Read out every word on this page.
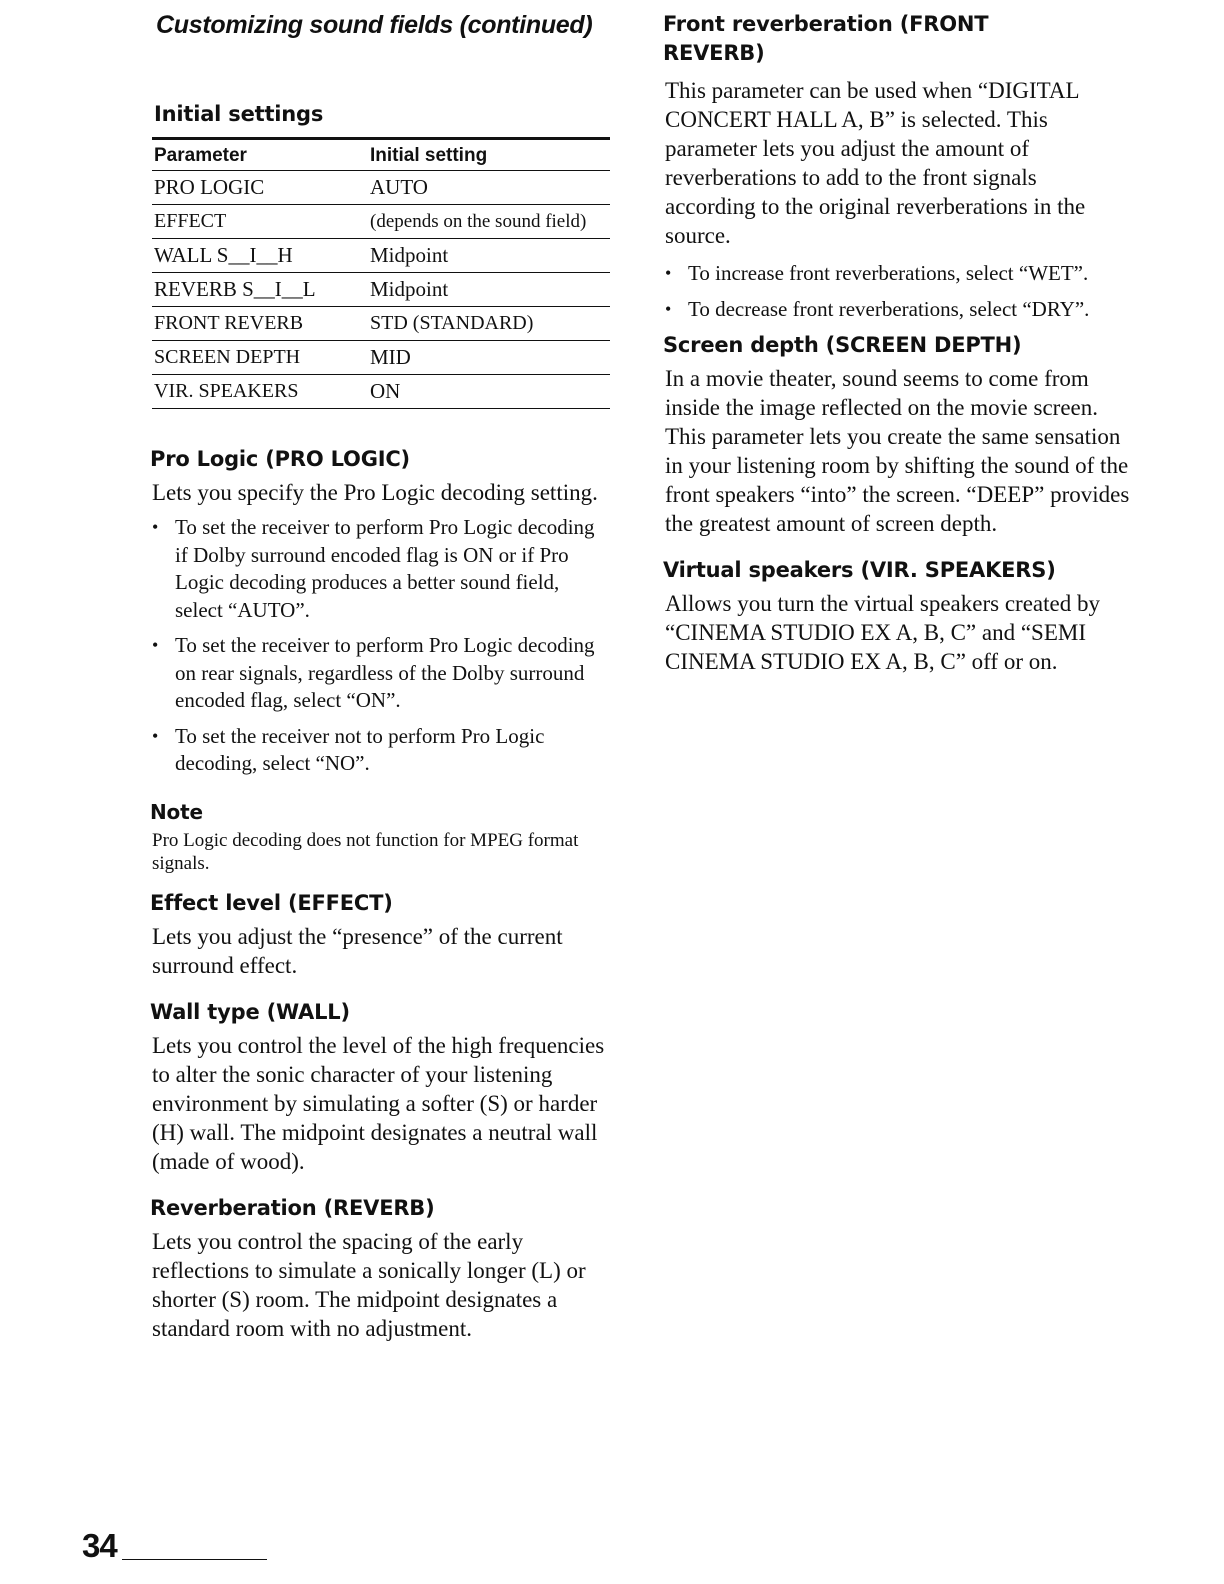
Customizing sound fields (continued)
Initial settings
Parameter	Initial setting
PRO LOGIC	AUTO
EFFECT	(depends on the sound field)
WALL S__I__H	Midpoint
REVERB S__I__L	Midpoint
FRONT REVERB	STD (STANDARD)
SCREEN DEPTH	MID
VIR. SPEAKERS	ON
Pro Logic (PRO LOGIC)

Lets you specify the Pro Logic decoding setting.

• To set the receiver to perform Pro Logic decoding if Dolby surround encoded flag is ON or if Pro Logic decoding produces a better sound field, select “AUTO”.
• To set the receiver to perform Pro Logic decoding on rear signals, regardless of the Dolby surround encoded flag, select “ON”.
• To set the receiver not to perform Pro Logic decoding, select “NO”.
Note

Pro Logic decoding does not function for MPEG format signals.

Effect level (EFFECT)

Lets you adjust the “presence” of the current surround effect.

Wall type (WALL)

Lets you control the level of the high frequencies to alter the sonic character of your listening environment by simulating a softer (S) or harder (H) wall. The midpoint designates a neutral wall (made of wood).

Reverberation (REVERB)

Lets you control the spacing of the early reflections to simulate a sonically longer (L) or shorter (S) room. The midpoint designates a standard room with no adjustment.

Front reverberation (FRONT REVERB)

This parameter can be used when “DIGITAL CONCERT HALL A, B” is selected. This parameter lets you adjust the amount of reverberations to add to the front signals according to the original reverberations in the source.

• To increase front reverberations, select “WET”.
• To decrease front reverberations, select “DRY”.
Screen depth (SCREEN DEPTH)

In a movie theater, sound seems to come from inside the image reflected on the movie screen. This parameter lets you create the same sensation in your listening room by shifting the sound of the front speakers “into” the screen. “DEEP” provides the greatest amount of screen depth.

Virtual speakers (VIR. SPEAKERS)

Allows you turn the virtual speakers created by “CINEMA STUDIO EX A, B, C” and “SEMI CINEMA STUDIO EX A, B, C” off or on.

34
